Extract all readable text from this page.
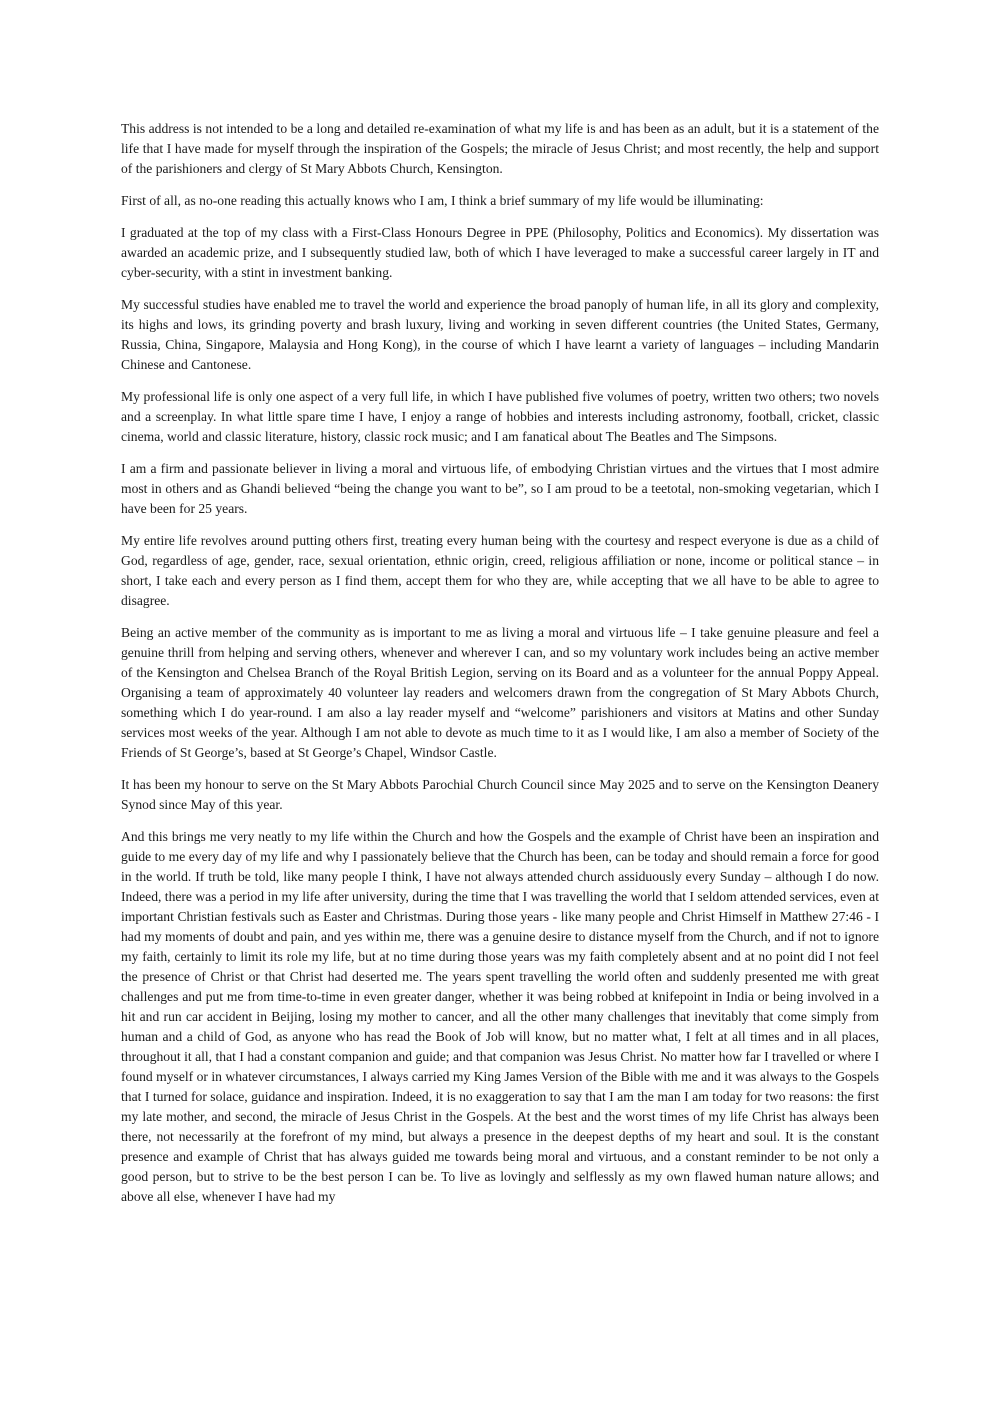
This address is not intended to be a long and detailed re-examination of what my life is and has been as an adult, but it is a statement of the life that I have made for myself through the inspiration of the Gospels; the miracle of Jesus Christ; and most recently, the help and support of the parishioners and clergy of St Mary Abbots Church, Kensington.

First of all, as no-one reading this actually knows who I am, I think a brief summary of my life would be illuminating:

I graduated at the top of my class with a First-Class Honours Degree in PPE (Philosophy, Politics and Economics). My dissertation was awarded an academic prize, and I subsequently studied law, both of which I have leveraged to make a successful career largely in IT and cyber-security, with a stint in investment banking.

My successful studies have enabled me to travel the world and experience the broad panoply of human life, in all its glory and complexity, its highs and lows, its grinding poverty and brash luxury, living and working in seven different countries (the United States, Germany, Russia, China, Singapore, Malaysia and Hong Kong), in the course of which I have learnt a variety of languages – including Mandarin Chinese and Cantonese.

My professional life is only one aspect of a very full life, in which I have published five volumes of poetry, written two others; two novels and a screenplay. In what little spare time I have, I enjoy a range of hobbies and interests including astronomy, football, cricket, classic cinema, world and classic literature, history, classic rock music; and I am fanatical about The Beatles and The Simpsons.

I am a firm and passionate believer in living a moral and virtuous life, of embodying Christian virtues and the virtues that I most admire most in others and as Ghandi believed “being the change you want to be”, so I am proud to be a teetotal, non-smoking vegetarian, which I have been for 25 years.

My entire life revolves around putting others first, treating every human being with the courtesy and respect everyone is due as a child of God, regardless of age, gender, race, sexual orientation, ethnic origin, creed, religious affiliation or none, income or political stance – in short, I take each and every person as I find them, accept them for who they are, while accepting that we all have to be able to agree to disagree.

Being an active member of the community as is important to me as living a moral and virtuous life – I take genuine pleasure and feel a genuine thrill from helping and serving others, whenever and wherever I can, and so my voluntary work includes being an active member of the Kensington and Chelsea Branch of the Royal British Legion, serving on its Board and as a volunteer for the annual Poppy Appeal. Organising a team of approximately 40 volunteer lay readers and welcomers drawn from the congregation of St Mary Abbots Church, something which I do year-round. I am also a lay reader myself and “welcome” parishioners and visitors at Matins and other Sunday services most weeks of the year. Although I am not able to devote as much time to it as I would like, I am also a member of Society of the Friends of St George’s, based at St George’s Chapel, Windsor Castle.

It has been my honour to serve on the St Mary Abbots Parochial Church Council since May 2025 and to serve on the Kensington Deanery Synod since May of this year.

And this brings me very neatly to my life within the Church and how the Gospels and the example of Christ have been an inspiration and guide to me every day of my life and why I passionately believe that the Church has been, can be today and should remain a force for good in the world. If truth be told, like many people I think, I have not always attended church assiduously every Sunday – although I do now. Indeed, there was a period in my life after university, during the time that I was travelling the world that I seldom attended services, even at important Christian festivals such as Easter and Christmas. During those years - like many people and Christ Himself in Matthew 27:46 - I had my moments of doubt and pain, and yes within me, there was a genuine desire to distance myself from the Church, and if not to ignore my faith, certainly to limit its role my life, but at no time during those years was my faith completely absent and at no point did I not feel the presence of Christ or that Christ had deserted me. The years spent travelling the world often and suddenly presented me with great challenges and put me from time-to-time in even greater danger, whether it was being robbed at knifepoint in India or being involved in a hit and run car accident in Beijing, losing my mother to cancer, and all the other many challenges that inevitably that come simply from human and a child of God, as anyone who has read the Book of Job will know, but no matter what, I felt at all times and in all places, throughout it all, that I had a constant companion and guide; and that companion was Jesus Christ. No matter how far I travelled or where I found myself or in whatever circumstances, I always carried my King James Version of the Bible with me and it was always to the Gospels that I turned for solace, guidance and inspiration. Indeed, it is no exaggeration to say that I am the man I am today for two reasons: the first my late mother, and second, the miracle of Jesus Christ in the Gospels. At the best and the worst times of my life Christ has always been there, not necessarily at the forefront of my mind, but always a presence in the deepest depths of my heart and soul. It is the constant presence and example of Christ that has always guided me towards being moral and virtuous, and a constant reminder to be not only a good person, but to strive to be the best person I can be. To live as lovingly and selflessly as my own flawed human nature allows; and above all else, whenever I have had my
